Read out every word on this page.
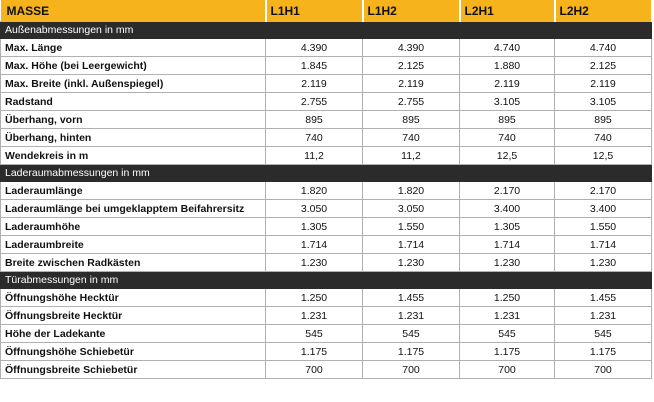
MASSE	L1H1	L1H2	L2H1	L2H2
Außenabmessungen in mm				
Max. Länge	4.390	4.390	4.740	4.740
Max. Höhe (bei Leergewicht)	1.845	2.125	1.880	2.125
Max. Breite (inkl. Außenspiegel)	2.119	2.119	2.119	2.119
Radstand	2.755	2.755	3.105	3.105
Überhang, vorn	895	895	895	895
Überhang, hinten	740	740	740	740
Wendekreis in m	11,2	11,2	12,5	12,5
Laderaumabmessungen in mm				
Laderaumlänge	1.820	1.820	2.170	2.170
Laderaumlänge bei umgeklapptem Beifahrersitz	3.050	3.050	3.400	3.400
Laderaumhöhe	1.305	1.550	1.305	1.550
Laderaumbreite	1.714	1.714	1.714	1.714
Breite zwischen Radkästen	1.230	1.230	1.230	1.230
Türabmessungen in mm				
Öffnungshöhe Hecktür	1.250	1.455	1.250	1.455
Öffnungsbreite Hecktür	1.231	1.231	1.231	1.231
Höhe der Ladekante	545	545	545	545
Öffnungshöhe Schiebetür	1.175	1.175	1.175	1.175
Öffnungsbreite Schiebetür	700	700	700	700
